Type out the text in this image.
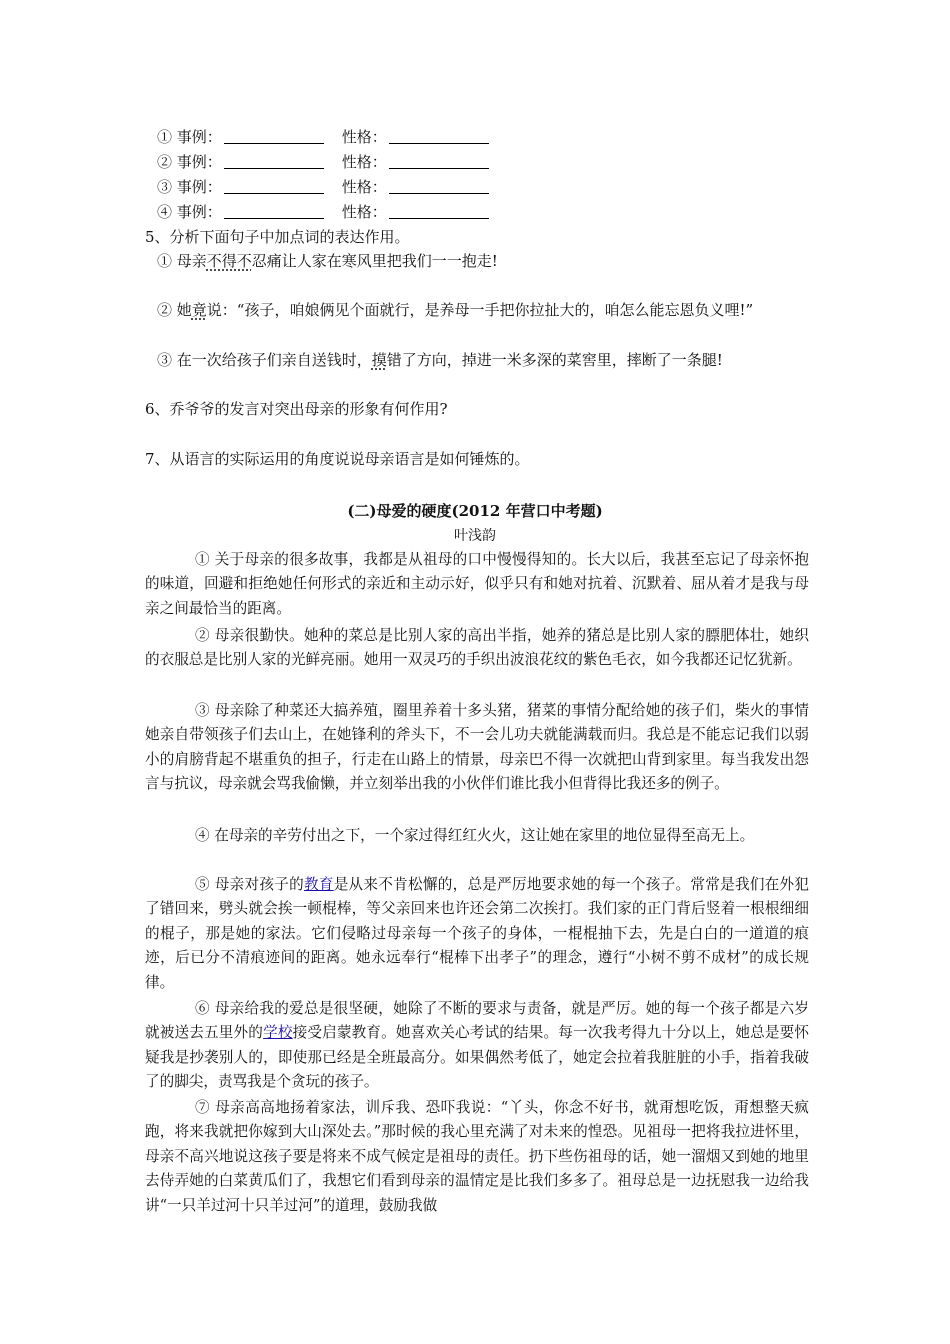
① 事例：	性格：
② 事例：	性格：
③ 事例：	性格：
④ 事例：	性格：
5、分析下面句子中加点词的表达作用。
① 母亲不得不忍痛让人家在寒风里把我们一一抱走!
② 她竟说：“孩子，咱娘俩见个面就行，是养母一手把你拉扯大的，咱怎么能忘恩负义哩!”
③ 在一次给孩子们亲自送钱时，摸错了方向，掉进一米多深的菜窖里，摔断了一条腿!
6、乔爷爷的发言对突出母亲的形象有何作用?
7、从语言的实际运用的角度说说母亲语言是如何锤炼的。
(二)母爱的硬度(2012 年营口中考题)
叶浅韵
① 关于母亲的很多故事，我都是从祖母的口中慢慢得知的。长大以后，我甚至忘记了母亲怀抱的味道，回避和拒绝她任何形式的亲近和主动示好，似乎只有和她对抗着、沉默着、屈从着才是我与母亲之间最恰当的距离。
② 母亲很勤快。她种的菜总是比别人家的高出半指，她养的猪总是比别人家的膘肥体壮，她织的衣服总是比别人家的光鲜亮丽。她用一双灵巧的手织出波浪花纹的紫色毛衣，如今我都还记忆犹新。
③ 母亲除了种菜还大搞养殖，圈里养着十多头猪，猪菜的事情分配给她的孩子们，柴火的事情她亲自带领孩子们去山上，在她锋利的斧头下，不一会儿功夫就能满载而归。我总是不能忘记我们以弱小的肩膀背起不堪重负的担子，行走在山路上的情景，母亲巴不得一次就把山背到家里。每当我发出怨言与抗议，母亲就会骂我偷懒，并立刻举出我的小伙伴们谁比我小但背得比我还多的例子。
④ 在母亲的辛劳付出之下，一个家过得红红火火，这让她在家里的地位显得至高无上。
⑤ 母亲对孩子的教育是从来不肯松懈的，总是严厉地要求她的每一个孩子。常常是我们在外犯了错回来，劈头就会挨一顿棍棒，等父亲回来也许还会第二次挨打。我们家的正门背后竖着一根根细细的棍子，那是她的家法。它们侵略过母亲每一个孩子的身体，一棍棍抽下去，先是白白的一道道的痕迹，后已分不清痕迹间的距离。她永远奉行“棍棒下出孝子”的理念，遵行“小树不剪不成材”的成长规律。
⑥ 母亲给我的爱总是很坚硬，她除了不断的要求与责备，就是严厉。她的每一个孩子都是六岁就被送去五里外的学校接受启蒙教育。她喜欢关心考试的结果。每一次我考得九十分以上，她总是要怀疑我是抄袭别人的，即使那已经是全班最高分。如果偶然考低了，她定会拉着我脏脏的小手，指着我破了的脚尖，责骂我是个贪玩的孩子。
⑦ 母亲高高地扬着家法，训斥我、恐吓我说：“丫头，你念不好书，就甭想吃饭，甭想整天疯跑，将来我就把你嫁到大山深处去。”那时候的我心里充满了对未来的惶恐。见祖母一把将我拉进怀里，母亲不高兴地说这孩子要是将来不成气候定是祖母的责任。扔下些伤祖母的话，她一溜烟又到她的地里去侍弄她的白菜黄瓜们了，我想它们看到母亲的温情定是比我们多多了。祖母总是一边抚慰我一边给我讲“一只羊过河十只羊过河”的道理，鼓励我做
